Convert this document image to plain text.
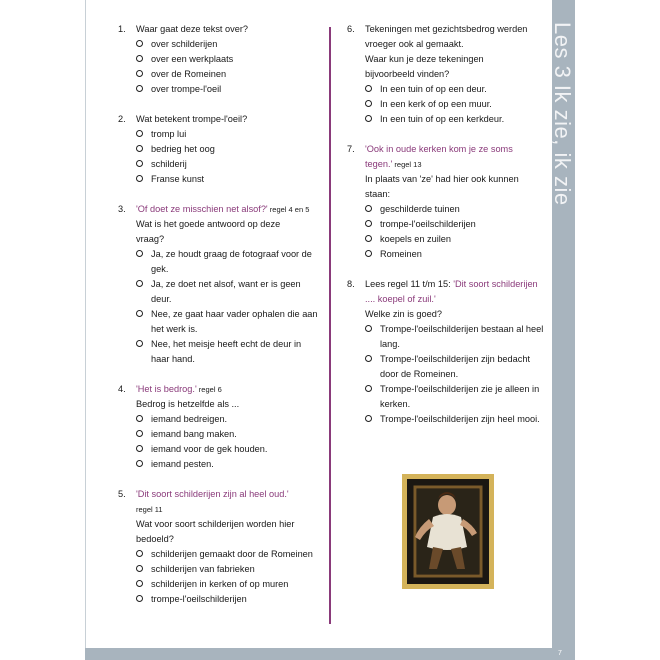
Les 3 Ik zie, ik zie
7
1.	Waar gaat deze tekst over?
over schilderijen
over een werkplaats
over de Romeinen
over trompe-l'oeil
2.	Wat betekent trompe-l'oeil?
tromp lui
bedrieg het oog
schilderij
Franse kunst
3.	'Of doet ze misschien net alsof?' regel 4 en 5
Wat is het goede antwoord op deze
vraag?
Ja, ze houdt graag de fotograaf voor de gek.
Ja, ze doet net alsof, want er is geen deur.
Nee, ze gaat haar vader ophalen die aan het werk is.
Nee, het meisje heeft echt de deur in haar hand.
4.	'Het is bedrog.' regel 6
Bedrog is hetzelfde als ...
iemand bedreigen.
iemand bang maken.
iemand voor de gek houden.
iemand pesten.
5.	'Dit soort schilderijen zijn al heel oud.'
regel 11
Wat voor soort schilderijen worden hier
bedoeld?
schilderijen gemaakt door de Romeinen
schilderijen van fabrieken
schilderijen in kerken of op muren
trompe-l'oeilschilderijen
6.	Tekeningen met gezichtsbedrog werden
vroeger ook al gemaakt.
Waar kun je deze tekeningen
bijvoorbeeld vinden?
In een tuin of op een deur.
In een kerk of op een muur.
In een tuin of op een kerkdeur.
7.	'Ook in oude kerken kom je ze soms
tegen.' regel 13
In plaats van 'ze' had hier ook kunnen
staan:
geschilderde tuinen
trompe-l'oeilschilderijen
koepels en zuilen
Romeinen
8.	Lees regel 11 t/m 15: 'Dit soort schilderijen
.... koepel of zuil.'
Welke zin is goed?
Trompe-l'oeilschilderijen bestaan al heel lang.
Trompe-l'oeilschilderijen zijn bedacht door de Romeinen.
Trompe-l'oeilschilderijen zie je alleen in kerken.
Trompe-l'oeilschilderijen zijn heel mooi.
